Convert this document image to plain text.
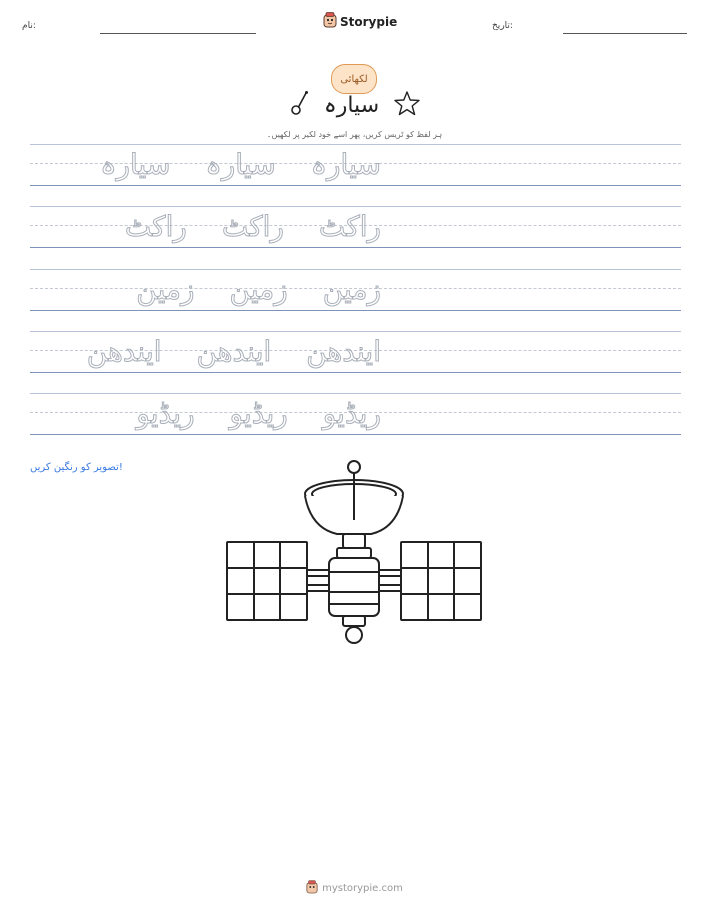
نام:	Storypie	تاریخ:
لکھائی
سیارہ
ہر لفظ کو ٹریس کریں، پھر اسے خود لکیر پر لکھیں۔
سیارہ سیارہ سیارہ
راکٹ راکٹ راکٹ
زمین زمین زمین
ایندھن ایندھن ایندھن
ریڈیو ریڈیو ریڈیو
تصویر کو رنگین کریں!
mystorypie.com
